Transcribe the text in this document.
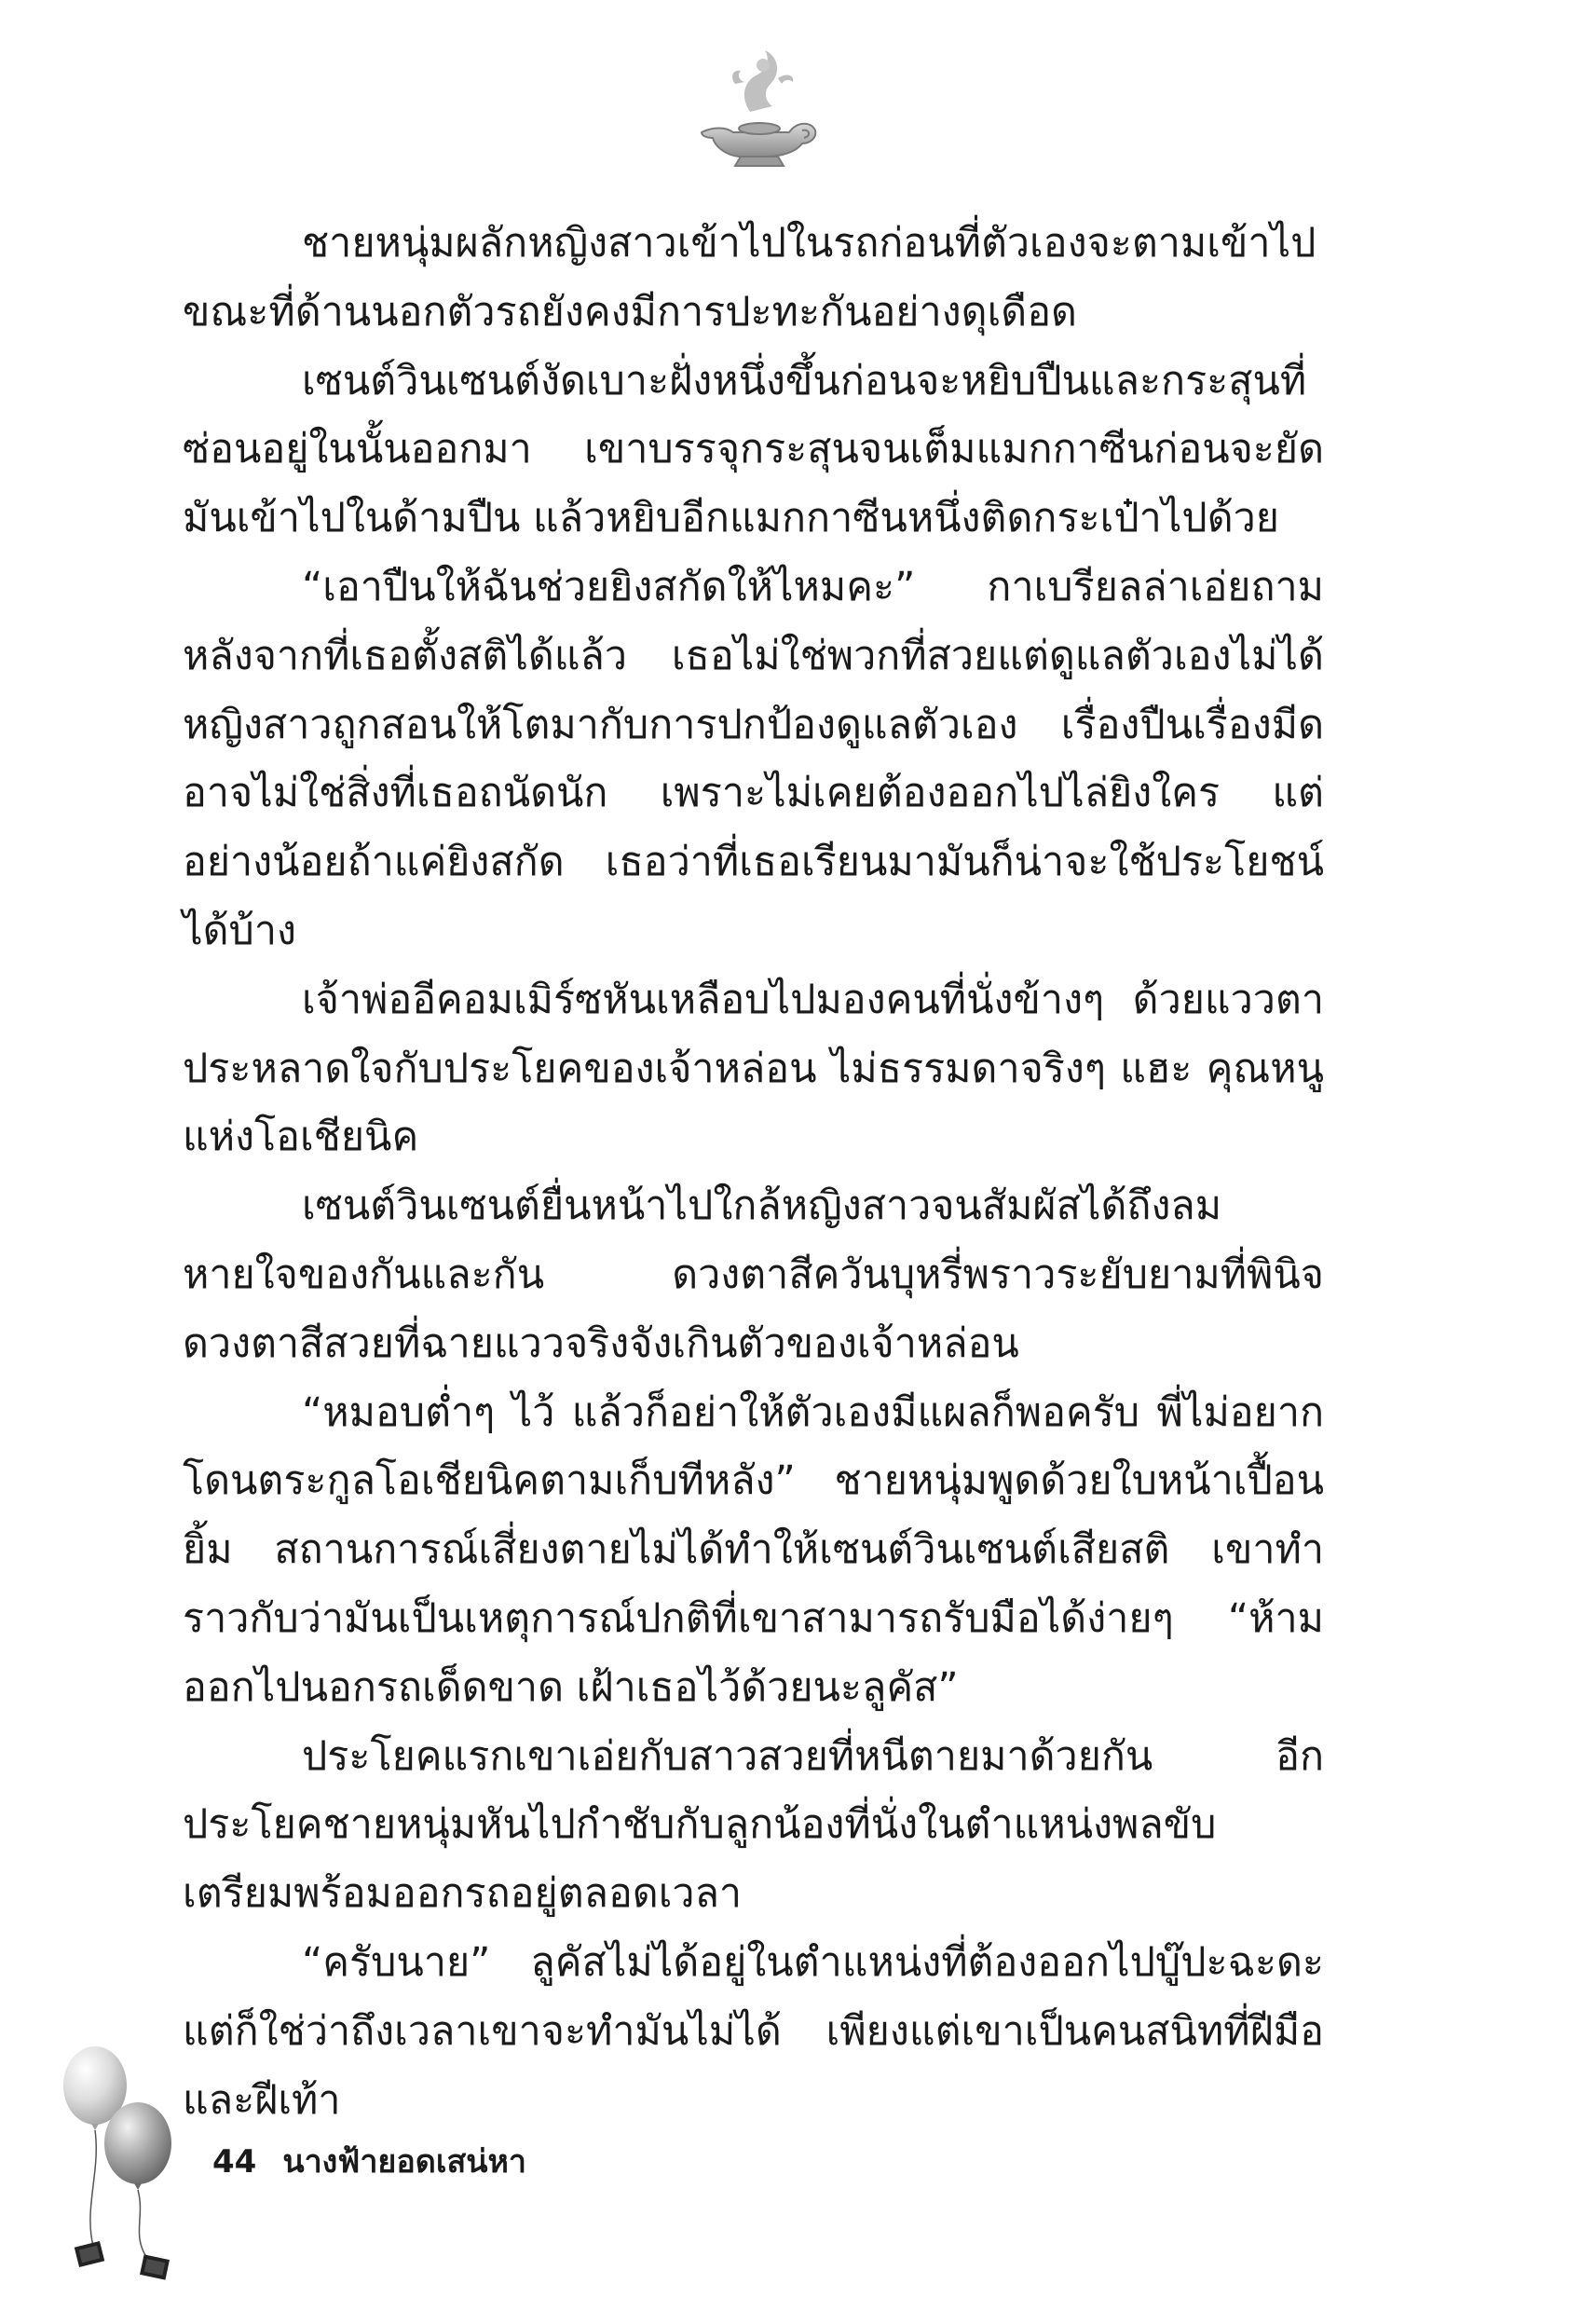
ชายหนุ่มผลักหญิงสาวเข้าไปในรถก่อนที่ตัวเองจะตามเข้าไป ขณะที่ด้านนอกตัวรถยังคงมีการปะทะกันอย่างดุเดือด

เซนต์วินเซนต์งัดเบาะฝั่งหนึ่งขึ้นก่อนจะหยิบปืนและกระสุนที่ซ่อนอยู่ในนั้นออกมา เขาบรรจุกระสุนจนเต็มแมกกาซีนก่อนจะยัดมันเข้าไปในด้ามปืน แล้วหยิบอีกแมกกาซีนหนึ่งติดกระเป๋าไปด้วย

“เอาปืนให้ฉันช่วยยิงสกัดให้ไหมคะ” กาเบรียลล่าเอ่ยถามหลังจากที่เธอตั้งสติได้แล้ว เธอไม่ใช่พวกที่สวยแต่ดูแลตัวเองไม่ได้ หญิงสาวถูกสอนให้โตมากับการปกป้องดูแลตัวเอง เรื่องปืนเรื่องมีดอาจไม่ใช่สิ่งที่เธอถนัดนัก เพราะไม่เคยต้องออกไปไล่ยิงใคร แต่อย่างน้อยถ้าแค่ยิงสกัด เธอว่าที่เธอเรียนมามันก็น่าจะใช้ประโยชน์ได้บ้าง

เจ้าพ่ออีคอมเมิร์ซหันเหลือบไปมองคนที่นั่งข้างๆ ด้วยแววตาประหลาดใจกับประโยคของเจ้าหล่อน ไม่ธรรมดาจริงๆ แฮะ คุณหนูแห่งโอเชียนิค

เซนต์วินเซนต์ยื่นหน้าไปใกล้หญิงสาวจนสัมผัสได้ถึงลมหายใจของกันและกัน ดวงตาสีควันบุหรี่พราวระยับยามที่พินิจดวงตาสีสวยที่ฉายแววจริงจังเกินตัวของเจ้าหล่อน

“หมอบต่ำๆ ไว้ แล้วก็อย่าให้ตัวเองมีแผลก็พอครับ พี่ไม่อยากโดนตระกูลโอเชียนิคตามเก็บทีหลัง” ชายหนุ่มพูดด้วยใบหน้าเปื้อนยิ้ม สถานการณ์เสี่ยงตายไม่ได้ทำให้เซนต์วินเซนต์เสียสติ เขาทำราวกับว่ามันเป็นเหตุการณ์ปกติที่เขาสามารถรับมือได้ง่ายๆ “ห้ามออกไปนอกรถเด็ดขาด เฝ้าเธอไว้ด้วยนะลูคัส”

ประโยคแรกเขาเอ่ยกับสาวสวยที่หนีตายมาด้วยกัน อีกประโยคชายหนุ่มหันไปกำชับกับลูกน้องที่นั่งในตำแหน่งพลขับเตรียมพร้อมออกรถอยู่ตลอดเวลา

“ครับนาย” ลูคัสไม่ได้อยู่ในตำแหน่งที่ต้องออกไปบู๊ปะฉะดะ แต่ก็ใช่ว่าถึงเวลาเขาจะทำมันไม่ได้ เพียงแต่เขาเป็นคนสนิทที่ฝีมือและฝีเท้า

44 นางฟ้ายอดเสน่หา
